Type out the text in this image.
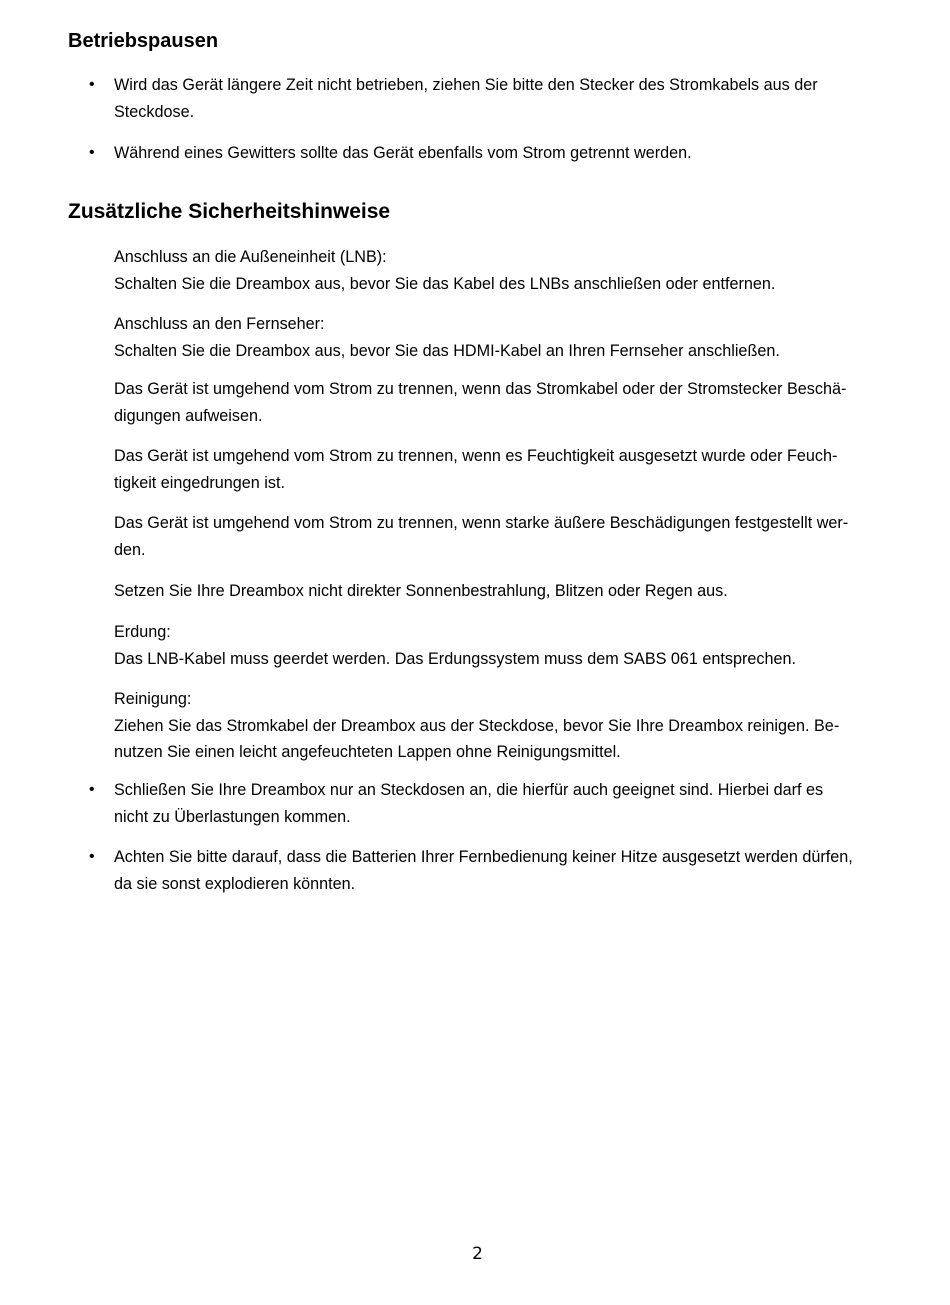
Betriebspausen
• Wird das Gerät längere Zeit nicht betrieben, ziehen Sie bitte den Stecker des Stromkabels aus der
Steckdose.

• Während eines Gewitters sollte das Gerät ebenfalls vom Strom getrennt werden.

Zusätzliche Sicherheitshinweise

Anschluss an die Außeneinheit (LNB):
Schalten Sie die Dreambox aus, bevor Sie das Kabel des LNBs anschließen oder entfernen.

Anschluss an den Fernseher:
Schalten Sie die Dreambox aus, bevor Sie das HDMI-Kabel an Ihren Fernseher anschließen.

Das Gerät ist umgehend vom Strom zu trennen, wenn das Stromkabel oder der Stromstecker Beschä-
digungen aufweisen.

Das Gerät ist umgehend vom Strom zu trennen, wenn es Feuchtigkeit ausgesetzt wurde oder Feuch-
tigkeit eingedrungen ist.

Das Gerät ist umgehend vom Strom zu trennen, wenn starke äußere Beschädigungen festgestellt wer-
den.

Setzen Sie Ihre Dreambox nicht direkter Sonnenbestrahlung, Blitzen oder Regen aus.

Erdung:
Das LNB-Kabel muss geerdet werden. Das Erdungssystem muss dem SABS 061 entsprechen.

Reinigung:
Ziehen Sie das Stromkabel der Dreambox aus der Steckdose, bevor Sie Ihre Dreambox reinigen. Be-
nutzen Sie einen leicht angefeuchteten Lappen ohne Reinigungsmittel.

• Schließen Sie Ihre Dreambox nur an Steckdosen an, die hierfür auch geeignet sind. Hierbei darf es
nicht zu Überlastungen kommen.

• Achten Sie bitte darauf, dass die Batterien Ihrer Fernbedienung keiner Hitze ausgesetzt werden dürfen,
da sie sonst explodieren könnten.

2
